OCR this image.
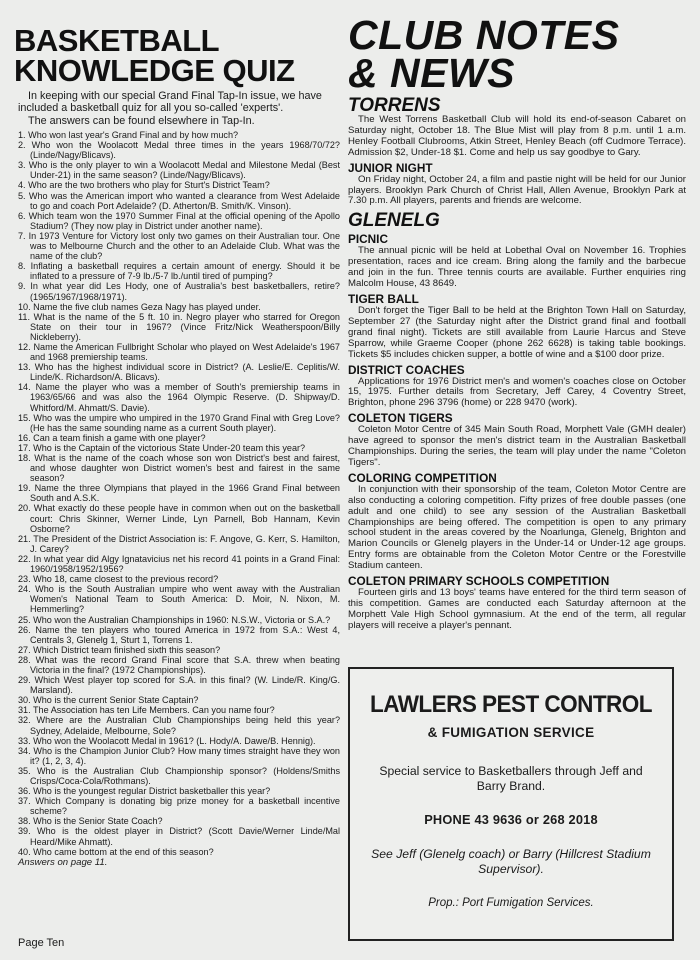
BASKETBALL
KNOWLEDGE QUIZ

In keeping with our special Grand Final Tap-In issue, we have included a basketball quiz for all you so-called 'experts'.

The answers can be found elsewhere in Tap-In.

1. Who won last year's Grand Final and by how much?
2. Who won the Woolacott Medal three times in the years 1968/70/72? (Linde/Nagy/Blicavs).
3. Who is the only player to win a Woolacott Medal and Milestone Medal (Best Under-21) in the same season? (Linde/Nagy/Blicavs).
4. Who are the two brothers who play for Sturt's District Team?
5. Who was the American import who wanted a clearance from West Adelaide to go and coach Port Adelaide? (D. Atherton/B. Smith/K. Vinson).
6. Which team won the 1970 Summer Final at the official opening of the Apollo Stadium? (They now play in District under another name).
7. In 1973 Venture for Victory lost only two games on their Australian tour. One was to Melbourne Church and the other to an Adelaide Club. What was the name of the club?
8. Inflating a basketball requires a certain amount of energy. Should it be inflated to a pressure of 7-9 lb./5-7 lb./until tired of pumping?
9. In what year did Les Hody, one of Australia's best basketballers, retire? (1965/1967/1968/1971).
10. Name the five club names Geza Nagy has played under.
11. What is the name of the 5 ft. 10 in. Negro player who starred for Oregon State on their tour in 1967? (Vince Fritz/Nick Weatherspoon/Billy Nickleberry).
12. Name the American Fullbright Scholar who played on West Adelaide's 1967 and 1968 premiership teams.
13. Who has the highest individual score in District? (A. Leslie/E. Ceplitis/W. Linde/K. Richardson/A. Blicavs).
14. Name the player who was a member of South's premiership teams in 1963/65/66 and was also the 1964 Olympic Reserve. (D. Shipway/D. Whitford/M. Ahmatt/S. Davie).
15. Who was the umpire who umpired in the 1970 Grand Final with Greg Love? (He has the same sounding name as a current South player).
16. Can a team finish a game with one player?
17. Who is the Captain of the victorious State Under-20 team this year?
18. What is the name of the coach whose son won District's best and fairest, and whose daughter won District women's best and fairest in the same season?
19. Name the three Olympians that played in the 1966 Grand Final between South and A.S.K.
20. What exactly do these people have in common when out on the basketball court: Chris Skinner, Werner Linde, Lyn Parnell, Bob Hannam, Kevin Osborne?
21. The President of the District Association is: F. Angove, G. Kerr, S. Hamilton, J. Carey?
22. In what year did Algy Ignatavicius net his record 41 points in a Grand Final: 1960/1958/1952/1956?
23. Who 18, came closest to the previous record?
24. Who is the South Australian umpire who went away with the Australian Women's National Team to South America: D. Moir, N. Nixon, M. Hemmerling?
25. Who won the Australian Championships in 1960: N.S.W., Victoria or S.A.?
26. Name the ten players who toured America in 1972 from S.A.: West 4, Centrals 3, Glenelg 1, Sturt 1, Torrens 1.
27. Which District team finished sixth this season?
28. What was the record Grand Final score that S.A. threw when beating Victoria in the final? (1972 Championships).
29. Which West player top scored for S.A. in this final? (W. Linde/R. King/G. Marsland).
30. Who is the current Senior State Captain?
31. The Association has ten Life Members. Can you name four?
32. Where are the Australian Club Championships being held this year? Sydney, Adelaide, Melbourne, Sole?
33. Who won the Woolacott Medal in 1961? (L. Hody/A. Dawe/B. Hennig).
34. Who is the Champion Junior Club? How many times straight have they won it? (1, 2, 3, 4).
35. Who is the Australian Club Championship sponsor? (Holdens/Smiths Crisps/Coca-Cola/Rothmans).
36. Who is the youngest regular District basketballer this year?
37. Which Company is donating big prize money for a basketball incentive scheme?
38. Who is the Senior State Coach?
39. Who is the oldest player in District? (Scott Davie/Werner Linde/Mal Heard/Mike Ahmatt).
40. Who came bottom at the end of this season?
Answers on page 11.
Page Ten
CLUB NOTES
& NEWS
TORRENS

The West Torrens Basketball Club will hold its end-of-season Cabaret on Saturday night, October 18. The Blue Mist will play from 8 p.m. until 1 a.m. Henley Football Clubrooms, Atkin Street, Henley Beach (off Cudmore Terrace). Admission $2, Under-18 $1. Come and help us say goodbye to Gary.

JUNIOR NIGHT

On Friday night, October 24, a film and pastie night will be held for our Junior players. Brooklyn Park Church of Christ Hall, Allen Avenue, Brooklyn Park at 7.30 p.m. All players, parents and friends are welcome.

GLENELG
PICNIC

The annual picnic will be held at Lobethal Oval on November 16. Trophies presentation, races and ice cream. Bring along the family and the barbecue and join in the fun. Three tennis courts are available. Further enquiries ring Malcolm House, 43 8649.

TIGER BALL

Don't forget the Tiger Ball to be held at the Brighton Town Hall on Saturday, September 27 (the Saturday night after the District grand final and football grand final night). Tickets are still available from Laurie Harcus and Steve Sparrow, while Graeme Cooper (phone 262 6628) is taking table bookings. Tickets $5 includes chicken supper, a bottle of wine and a $100 door prize.

DISTRICT COACHES

Applications for 1976 District men's and women's coaches close on October 15, 1975. Further details from Secretary, Jeff Carey, 4 Coventry Street, Brighton, phone 296 3796 (home) or 228 9470 (work).

COLETON TIGERS

Coleton Motor Centre of 345 Main South Road, Morphett Vale (GMH dealer) have agreed to sponsor the men's district team in the Australian Basketball Championships. During the series, the team will play under the name "Coleton Tigers".

COLORING COMPETITION

In conjunction with their sponsorship of the team, Coleton Motor Centre are also conducting a coloring competition. Fifty prizes of free double passes (one adult and one child) to see any session of the Australian Basketball Championships are being offered. The competition is open to any primary school student in the areas covered by the Noarlunga, Glenelg, Brighton and Marion Councils or Glenelg players in the Under-14 or Under-12 age groups. Entry forms are obtainable from the Coleton Motor Centre or the Forestville Stadium canteen.

COLETON PRIMARY SCHOOLS COMPETITION

Fourteen girls and 13 boys' teams have entered for the third term season of this competition. Games are conducted each Saturday afternoon at the Morphett Vale High School gymnasium. At the end of the term, all regular players will receive a player's pennant.

LAWLERS PEST CONTROL
& FUMIGATION SERVICE
Special service to Basketballers through Jeff and Barry Brand.
PHONE 43 9636 or 268 2018
See Jeff (Glenelg coach) or Barry (Hillcrest Stadium Supervisor).
Prop.: Port Fumigation Services.
